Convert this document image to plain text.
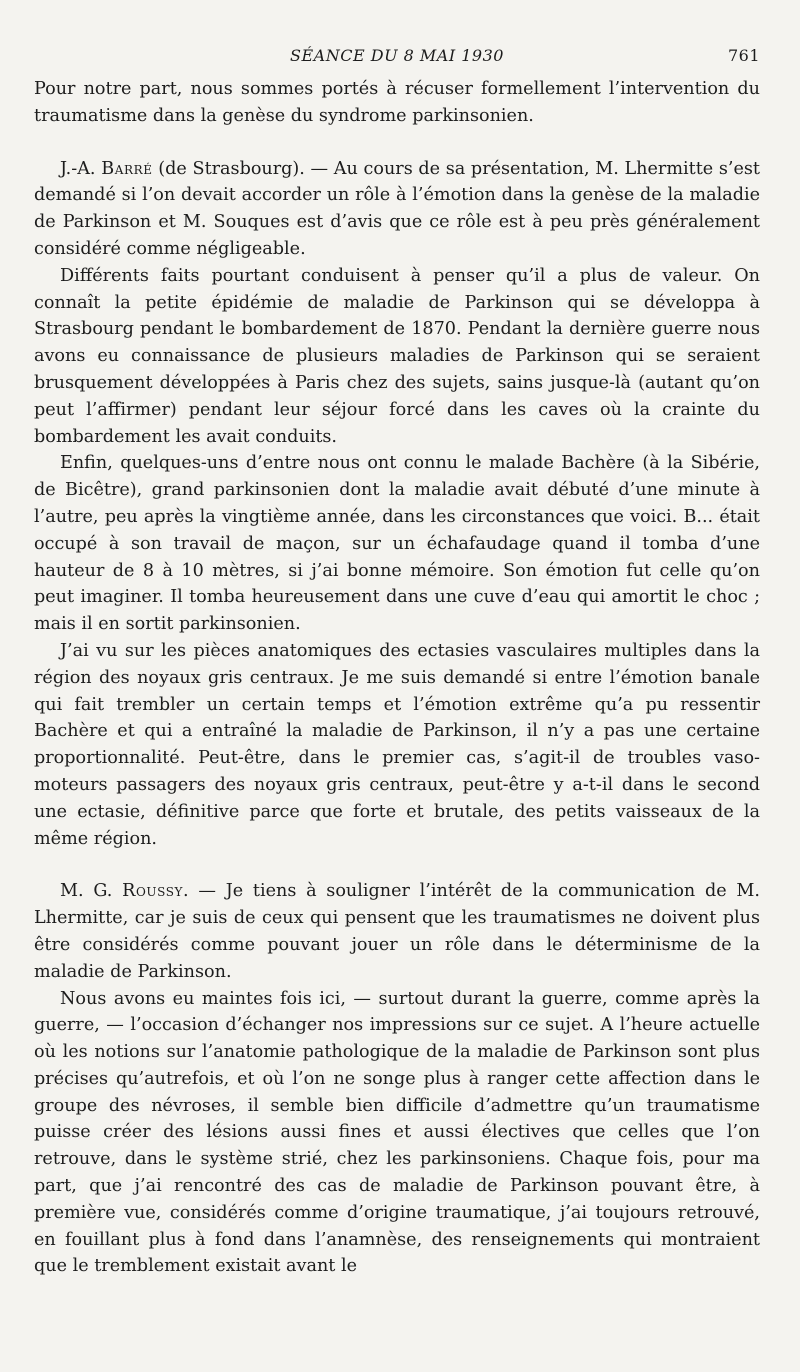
SÉANCE DU 8 MAI 1930	761

Pour notre part, nous sommes portés à récuser formellement l’intervention du traumatisme dans la genèse du syndrome parkinsonien.

J.-A. Barré (de Strasbourg). — Au cours de sa présentation, M. Lhermitte s’est demandé si l’on devait accorder un rôle à l’émotion dans la genèse de la maladie de Parkinson et M. Souques est d’avis que ce rôle est à peu près généralement considéré comme négligeable.

Différents faits pourtant conduisent à penser qu’il a plus de valeur. On connaît la petite épidémie de maladie de Parkinson qui se développa à Strasbourg pendant le bombardement de 1870. Pendant la dernière guerre nous avons eu connaissance de plusieurs maladies de Parkinson qui se seraient brusquement développées à Paris chez des sujets, sains jusque-là (autant qu’on peut l’affirmer) pendant leur séjour forcé dans les caves où la crainte du bombardement les avait conduits.

Enfin, quelques-uns d’entre nous ont connu le malade Bachère (à la Sibérie, de Bicêtre), grand parkinsonien dont la maladie avait débuté d’une minute à l’autre, peu après la vingtième année, dans les circonstances que voici. B... était occupé à son travail de maçon, sur un échafaudage quand il tomba d’une hauteur de 8 à 10 mètres, si j’ai bonne mémoire. Son émotion fut celle qu’on peut imaginer. Il tomba heureusement dans une cuve d’eau qui amortit le choc ; mais il en sortit parkinsonien.

J’ai vu sur les pièces anatomiques des ectasies vasculaires multiples dans la région des noyaux gris centraux. Je me suis demandé si entre l’émotion banale qui fait trembler un certain temps et l’émotion extrême qu’a pu ressentir Bachère et qui a entraîné la maladie de Parkinson, il n’y a pas une certaine proportionnalité. Peut-être, dans le premier cas, s’agit-il de troubles vaso-moteurs passagers des noyaux gris centraux, peut-être y a-t-il dans le second une ectasie, définitive parce que forte et brutale, des petits vaisseaux de la même région.

M. G. Roussy. — Je tiens à souligner l’intérêt de la communication de M. Lhermitte, car je suis de ceux qui pensent que les traumatismes ne doivent plus être considérés comme pouvant jouer un rôle dans le déterminisme de la maladie de Parkinson.

Nous avons eu maintes fois ici, — surtout durant la guerre, comme après la guerre, — l’occasion d’échanger nos impressions sur ce sujet. A l’heure actuelle où les notions sur l’anatomie pathologique de la maladie de Parkinson sont plus précises qu’autrefois, et où l’on ne songe plus à ranger cette affection dans le groupe des névroses, il semble bien difficile d’admettre qu’un traumatisme puisse créer des lésions aussi fines et aussi électives que celles que l’on retrouve, dans le système strié, chez les parkinsoniens. Chaque fois, pour ma part, que j’ai rencontré des cas de maladie de Parkinson pouvant être, à première vue, considérés comme d’origine traumatique, j’ai toujours retrouvé, en fouillant plus à fond dans l’anamnèse, des renseignements qui montraient que le tremblement existait avant le
